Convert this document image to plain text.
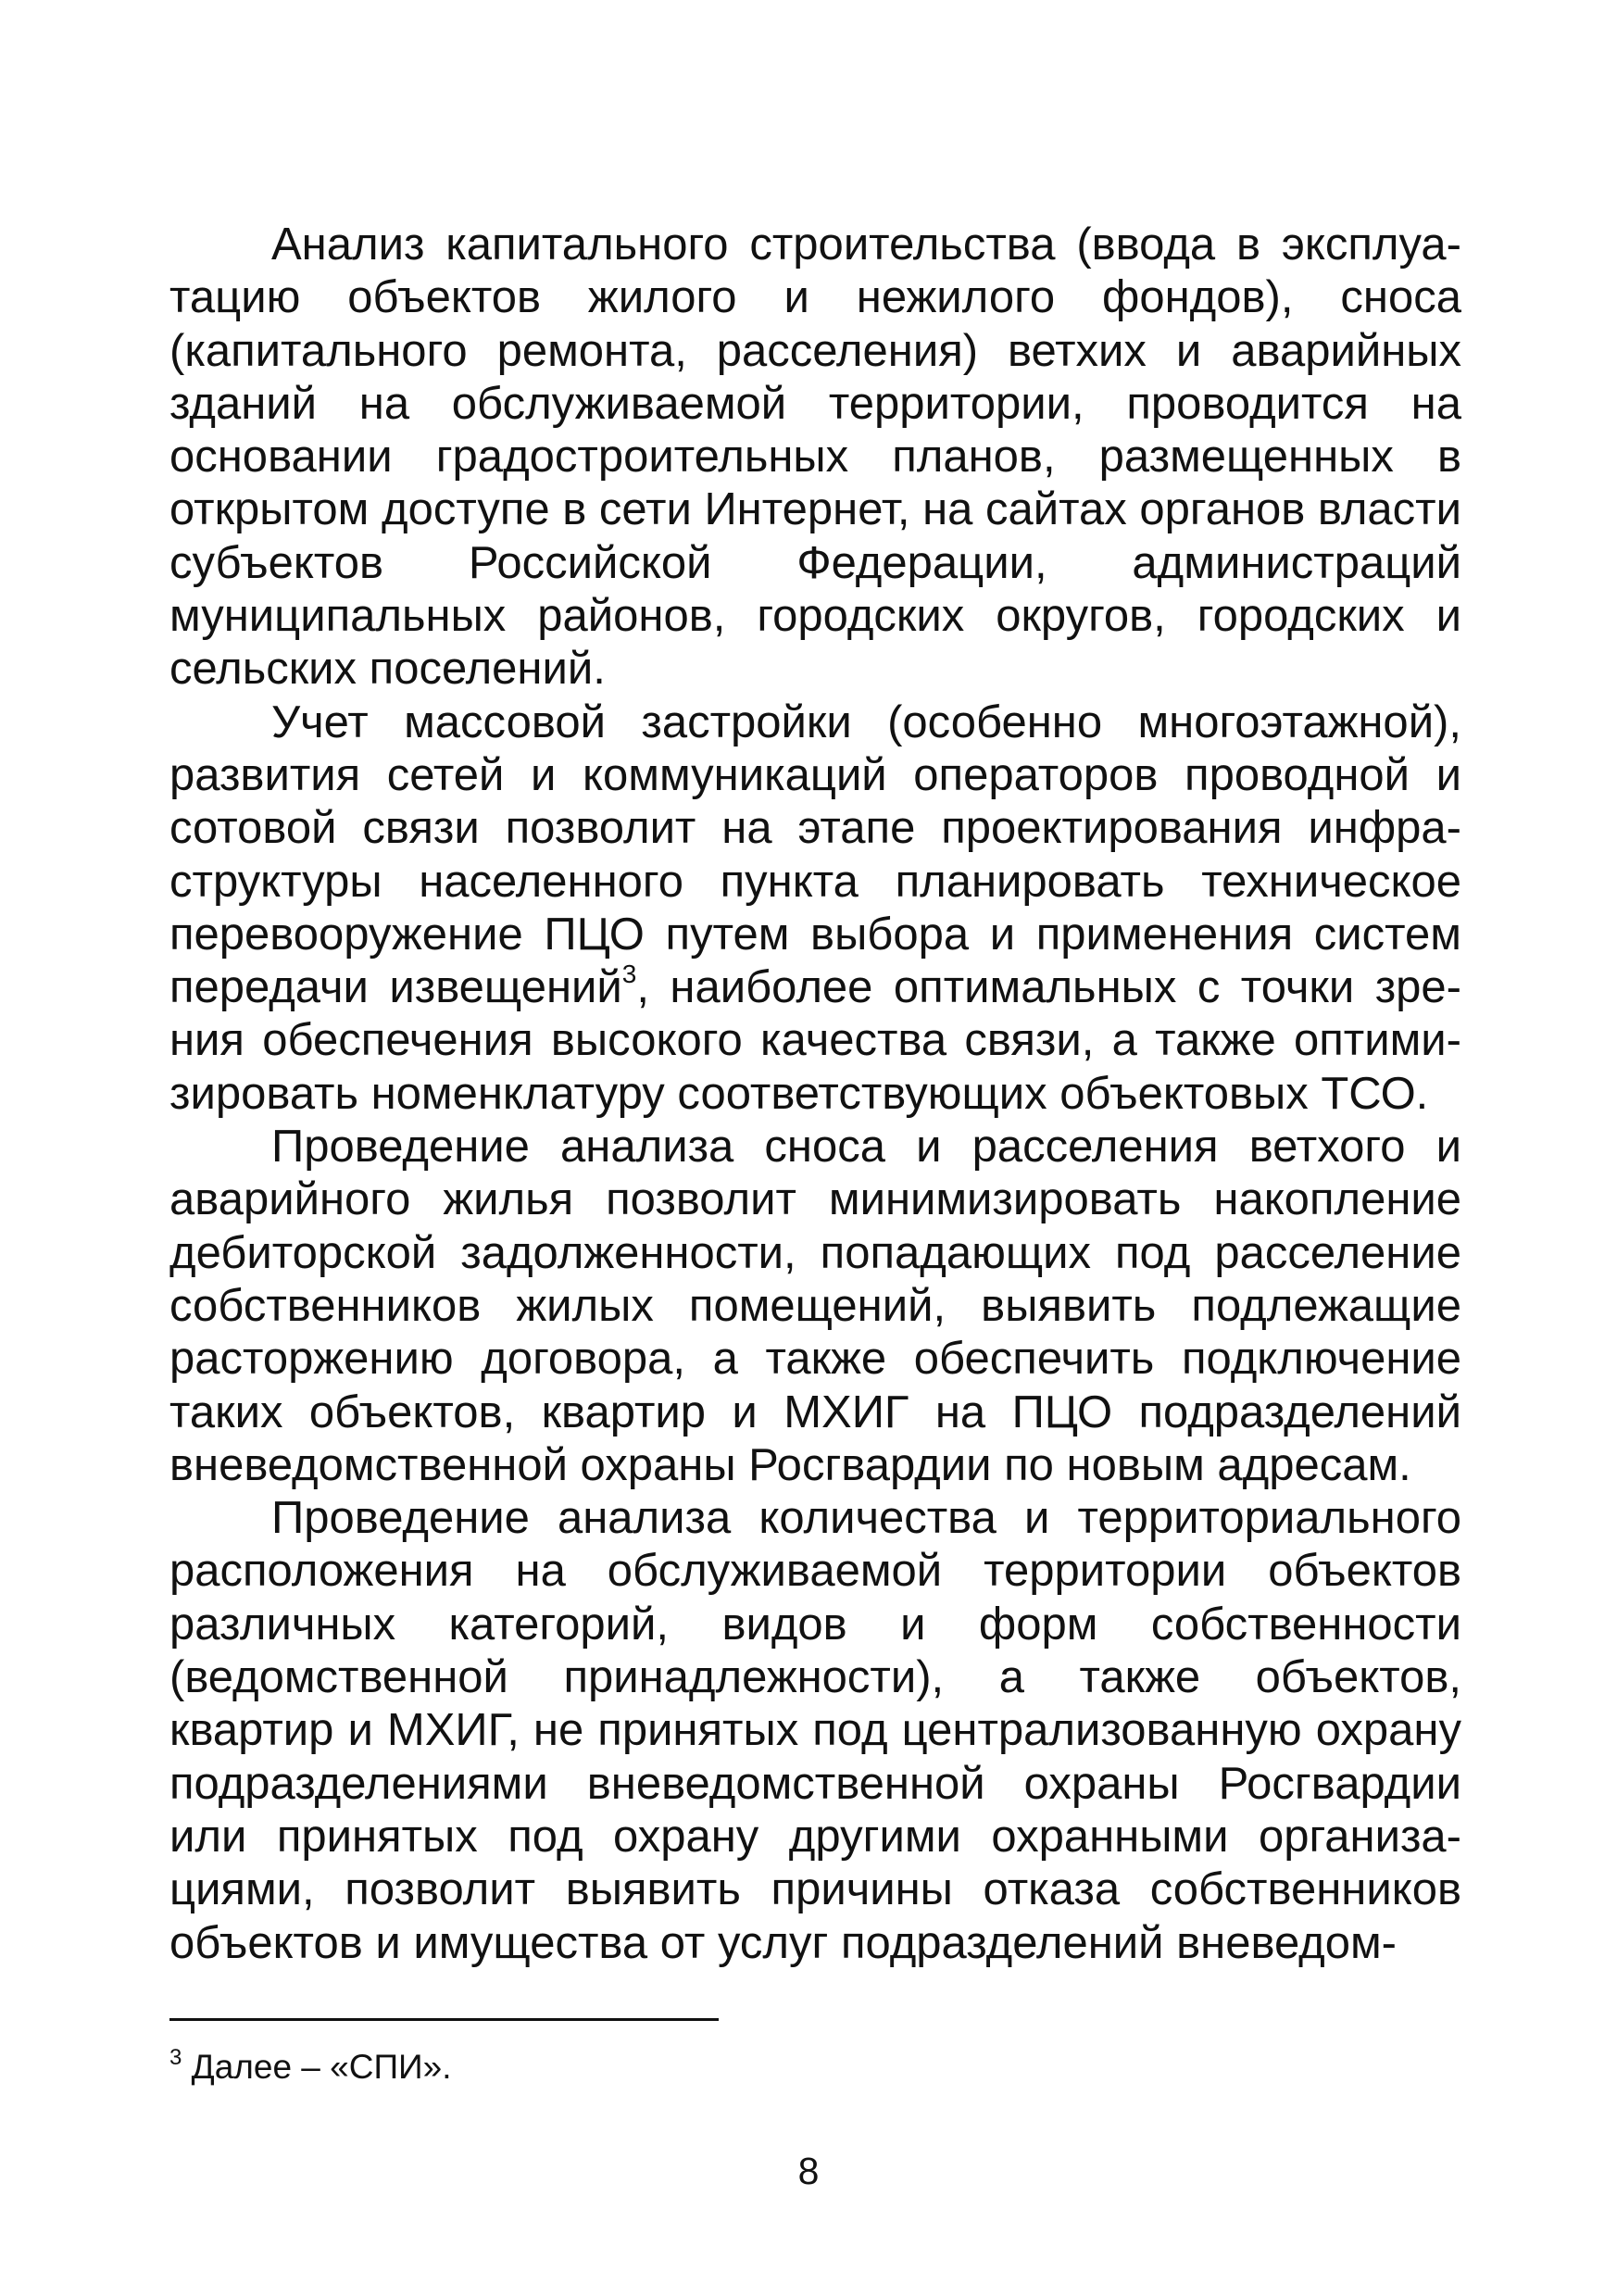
Анализ капитального строительства (ввода в эксплуатацию объектов жилого и нежилого фондов), сноса (капитального ремонта, расселения) ветхих и аварийных зданий на обслуживаемой территории, проводится на основании градостроительных планов, размещенных в открытом доступе в сети Интернет, на сайтах органов власти субъектов Российской Федерации, администраций муниципальных районов, городских округов, городских и сельских поселений.

Учет массовой застройки (особенно многоэтажной), развития сетей и коммуникаций операторов проводной и сотовой связи позволит на этапе проектирования инфраструктуры населенного пункта планировать техническое перевооружение ПЦО путем выбора и применения систем передачи извещений$^3$, наиболее оптимальных с точки зрения обеспечения высокого качества связи, а также оптимизировать номенклатуру соответствующих объектовых ТСО.

Проведение анализа сноса и расселения ветхого и аварийного жилья позволит минимизировать накопление дебиторской задолженности, попадающих под расселение собственников жилых помещений, выявить подлежащие расторжению договора, а также обеспечить подключение таких объектов, квартир и МХИГ на ПЦО подразделений вневедомственной охраны Росгвардии по новым адресам.

Проведение анализа количества и территориального расположения на обслуживаемой территории объектов различных категорий, видов и форм собственности (ведомственной принадлежности), а также объектов, квартир и МХИГ, не принятых под централизованную охрану подразделениями вневедомственной охраны Росгвардии или принятых под охрану другими охранными организациями, позволит выявить причины отказа собственников объектов и имущества от услуг подразделений вневедом-

$^3$ Далее – «СПИ».
8
